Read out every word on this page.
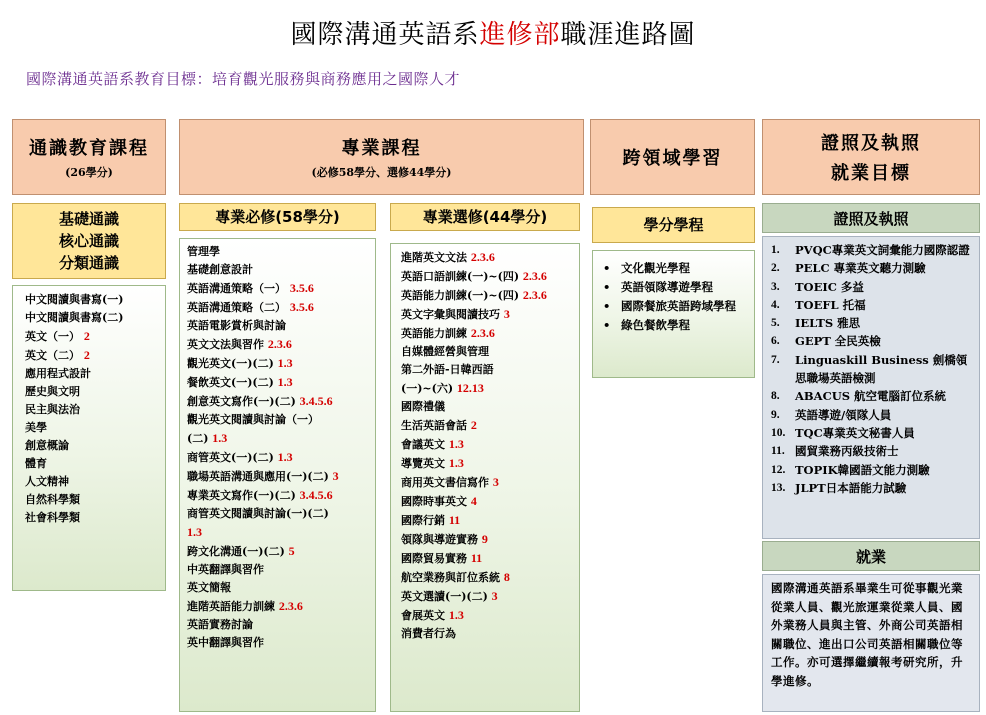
國際溝通英語系進修部職涯進路圖
國際溝通英語系教育目標：培育觀光服務與商務應用之國際人才
通識教育課程
(26學分)
專業課程
(必修58學分、選修44學分)
跨領域學習
證照及執照
就業目標
基礎通識
核心通識
分類通識
中文閱讀與書寫(一)
中文閱讀與書寫(二)
英文（一） 2
英文（二） 2
應用程式設計
歷史與文明
民主與法治
美學
創意概論
體育
人文精神
自然科學類
社會科學類
專業必修(58學分)
管理學
基礎創意設計
英語溝通策略（一） 3.5.6
英語溝通策略（二） 3.5.6
英語電影賞析與討論
英文文法與習作 2.3.6
觀光英文(一)(二) 1.3
餐飲英文(一)(二) 1.3
創意英文寫作(一)(二) 3.4.5.6
觀光英文閱讀與討論（一）
(二) 1.3
商管英文(一)(二) 1.3
職場英語溝通與應用(一)(二) 3
專業英文寫作(一)(二) 3.4.5.6
商管英文閱讀與討論(一)(二)
1.3
跨文化溝通(一)(二) 5
中英翻譯與習作
英文簡報
進階英語能力訓練 2.3.6
英語實務討論
英中翻譯與習作
專業選修(44學分)
進階英文文法 2.3.6
英語口語訓練(一)~(四) 2.3.6
英語能力訓練(一)~(四) 2.3.6
英文字彙與閱讀技巧 3
英語能力訓練 2.3.6
自媒體經營與管理
第二外語-日韓西語
(一)~(六) 12.13
國際禮儀
生活英語會話 2
會議英文 1.3
導覽英文 1.3
商用英文書信寫作 3
國際時事英文 4
國際行銷 11
領隊與導遊實務 9
國際貿易實務 11
航空業務與訂位系統 8
英文選讀(一)(二) 3
會展英文 1.3
消費者行為
學分學程
• 文化觀光學程
• 英語領隊導遊學程
• 國際餐旅英語跨域學程
• 綠色餐飲學程
證照及執照
1.	PVQC專業英文詞彙能力國際認證
2.	PELC 專業英文聽力測驗
3.	TOEIC 多益
4.	TOEFL 托福
5.	IELTS 雅思
6.	GEPT 全民英檢
7.	Linguaskill Business 劍橋領思職場英語檢測
8.	ABACUS 航空電腦訂位系統
9.	英語導遊/領隊人員
10. TQC專業英文秘書人員
11. 國貿業務丙級技術士
12. TOPIK韓國語文能力測驗
13. JLPT日本語能力試驗
就業
國際溝通英語系畢業生可從事觀光業從業人員、觀光旅運業從業人員、國外業務人員與主管、外商公司英語相關職位、進出口公司英語相關職位等工作。亦可選擇繼續報考研究所，升學進修。
